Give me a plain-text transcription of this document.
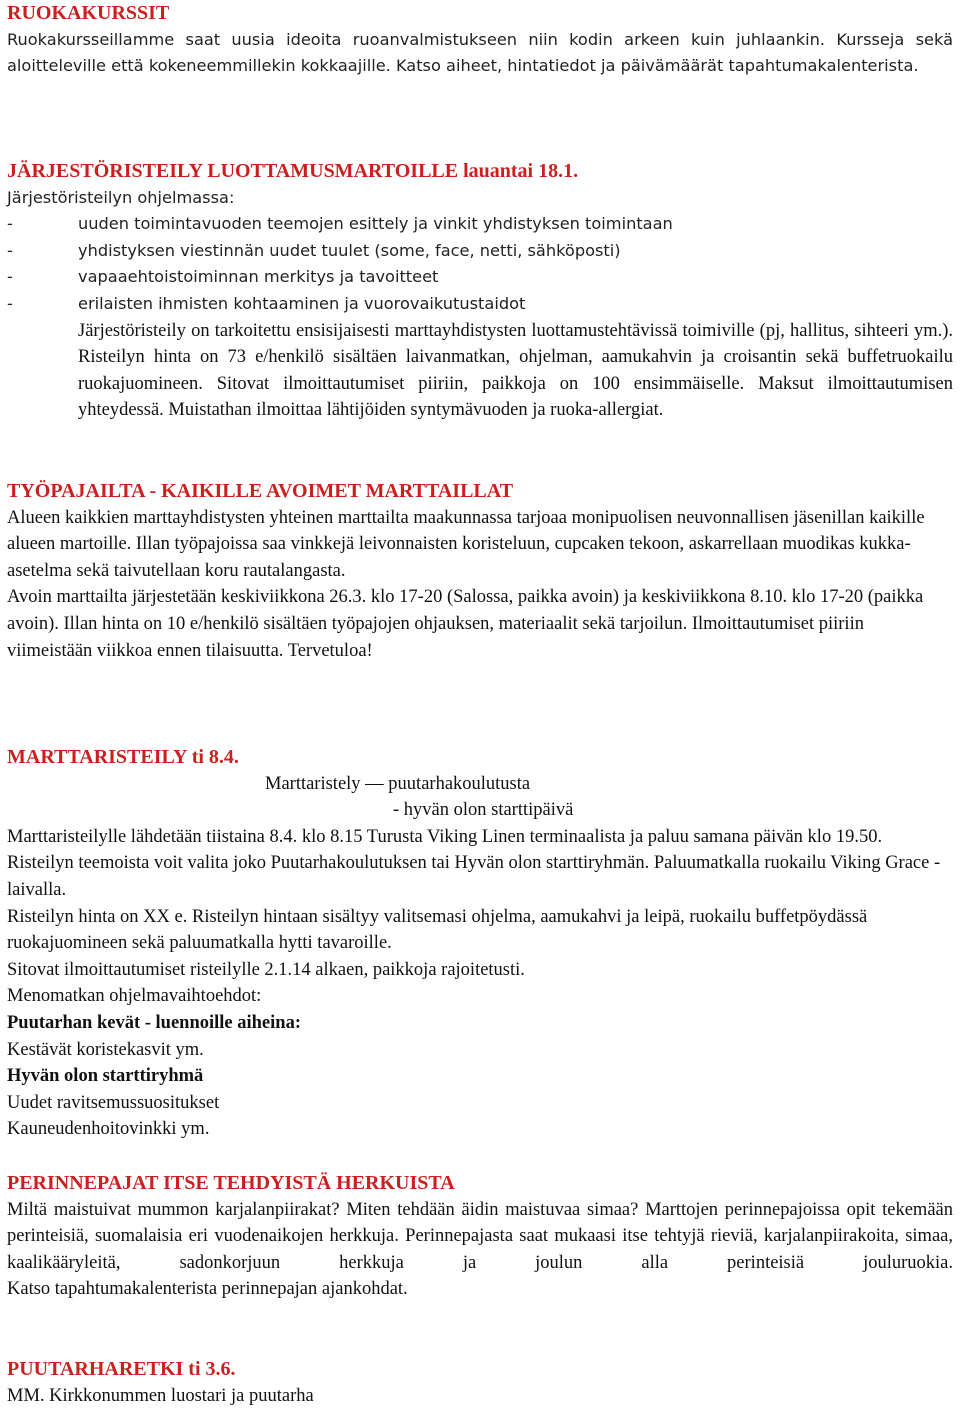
RUOKAKURSSIT

Ruokakursseillamme saat uusia ideoita ruoanvalmistukseen niin kodin arkeen kuin juhlaankin. Kursseja sekä aloitteleville että kokeneemmillekin kokkaajille. Katso aiheet, hintatiedot ja päivämäärät tapahtumakalenterista.

JÄRJESTÖRISTEILY LUOTTAMUSMARTOILLE lauantai 18.1.

Järjestöristeilyn ohjelmassa:

-	uuden toimintavuoden teemojen esittely ja vinkit yhdistyksen toimintaan
-	yhdistyksen viestinnän uudet tuulet (some, face, netti, sähköposti)
-	vapaaehtoistoiminnan merkitys ja tavoitteet
-	erilaisten ihmisten kohtaaminen ja vuorovaikutustaidot

Järjestöristeily on tarkoitettu ensisijaisesti marttayhdistysten luottamustehtävissä toimiville (pj, hallitus, sihteeri ym.). Risteilyn hinta on 73 e/henkilö sisältäen laivanmatkan, ohjelman, aamukahvin ja croisantin sekä buffetruokailu ruokajuomineen. Sitovat ilmoittautumiset piiriin, paikkoja on 100 ensimmäiselle. Maksut ilmoittautumisen yhteydessä. Muistathan ilmoittaa lähtijöiden syntymävuoden ja ruoka-allergiat.

TYÖPAJAILTA - KAIKILLE AVOIMET MARTTAILLAT

Alueen kaikkien marttayhdistysten yhteinen marttailta maakunnassa tarjoaa monipuolisen neuvonnallisen jäsenillan kaikille alueen martoille. Illan työpajoissa saa vinkkejä leivonnaisten koristeluun, cupcaken tekoon, askarrellaan muodikas kukka-asetelma sekä taivutellaan koru rautalangasta.

Avoin marttailta järjestetään keskiviikkona 26.3. klo 17-20 (Salossa, paikka avoin) ja keskiviikkona 8.10. klo 17-20 (paikka avoin). Illan hinta on 10 e/henkilö sisältäen työpajojen ohjauksen, materiaalit sekä tarjoilun. Ilmoittautumiset piiriin viimeistään viikkoa ennen tilaisuutta. Tervetuloa!

MARTTARISTEILY ti 8.4.

Marttaristely — puutarhakoulutusta

- hyvän olon starttipäivä

Marttaristeilylle lähdetään tiistaina 8.4. klo 8.15 Turusta Viking Linen terminaalista ja paluu samana päivän klo 19.50. Risteilyn teemoista voit valita joko Puutarhakoulutuksen tai Hyvän olon starttiryhmän. Paluumatkalla ruokailu Viking Grace - laivalla.

Risteilyn hinta on XX e. Risteilyn hintaan sisältyy valitsemasi ohjelma, aamukahvi ja leipä, ruokailu buffetpöydässä ruokajuomineen sekä paluumatkalla hytti tavaroille.

Sitovat ilmoittautumiset risteilylle 2.1.14 alkaen, paikkoja rajoitetusti.

Menomatkan ohjelmavaihtoehdot:

Puutarhan kevät - luennoille aiheina:

Kestävät koristekasvit ym.

Hyvän olon starttiryhmä

Uudet ravitsemussuositukset

Kauneudenhoitovinkki ym.

PERINNEPAJAT ITSE TEHDYISTÄ HERKUISTA

Miltä maistuivat mummon karjalanpiirakat? Miten tehdään äidin maistuvaa simaa? Marttojen perinnepajoissa opit tekemään perinteisiä, suomalaisia eri vuodenaikojen herkkuja. Perinnepajasta saat mukaasi itse tehtyjä rieviä, karjalanpiirakoita, simaa, kaalikääryleitä, sadonkorjuun herkkuja ja joulun alla perinteisiä jouluruokia.

Katso tapahtumakalenterista perinnepajan ajankohdat.

PUUTARHARETKI ti 3.6.

MM. Kirkkonummen luostari ja puutarha
